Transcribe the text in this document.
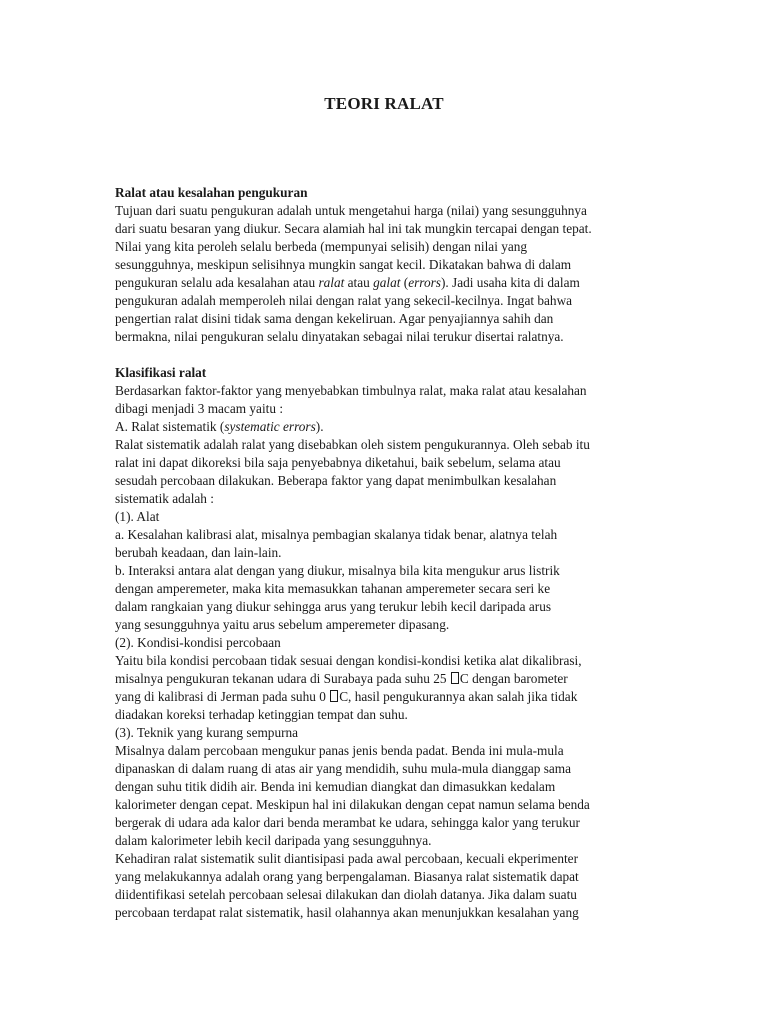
TEORI RALAT
Ralat atau kesalahan pengukuran
Tujuan dari suatu pengukuran adalah untuk mengetahui harga (nilai) yang sesungguhnya
dari suatu besaran yang diukur. Secara alamiah hal ini tak mungkin tercapai dengan tepat.
Nilai yang kita peroleh selalu berbeda (mempunyai selisih) dengan nilai yang
sesungguhnya, meskipun selisihnya mungkin sangat kecil. Dikatakan bahwa di dalam
pengukuran selalu ada kesalahan atau ralat atau galat (errors). Jadi usaha kita di dalam
pengukuran adalah memperoleh nilai dengan ralat yang sekecil-kecilnya. Ingat bahwa
pengertian ralat disini tidak sama dengan kekeliruan. Agar penyajiannya sahih dan
bermakna, nilai pengukuran selalu dinyatakan sebagai nilai terukur disertai ralatnya.
Klasifikasi ralat
Berdasarkan faktor-faktor yang menyebabkan timbulnya ralat, maka ralat atau kesalahan
dibagi menjadi 3 macam yaitu :
A. Ralat sistematik (systematic errors).
Ralat sistematik adalah ralat yang disebabkan oleh sistem pengukurannya. Oleh sebab itu
ralat ini dapat dikoreksi bila saja penyebabnya diketahui, baik sebelum, selama atau
sesudah percobaan dilakukan. Beberapa faktor yang dapat menimbulkan kesalahan
sistematik adalah :
(1). Alat
a. Kesalahan kalibrasi alat, misalnya pembagian skalanya tidak benar, alatnya telah
berubah keadaan, dan lain-lain.
b. Interaksi antara alat dengan yang diukur, misalnya bila kita mengukur arus listrik
dengan amperemeter, maka kita memasukkan tahanan amperemeter secara seri ke
dalam rangkaian yang diukur sehingga arus yang terukur lebih kecil daripada arus
yang sesungguhnya yaitu arus sebelum amperemeter dipasang.
(2). Kondisi-kondisi percobaan
Yaitu bila kondisi percobaan tidak sesuai dengan kondisi-kondisi ketika alat dikalibrasi,
misalnya pengukuran tekanan udara di Surabaya pada suhu 25 C dengan barometer
yang di kalibrasi di Jerman pada suhu 0 C, hasil pengukurannya akan salah jika tidak
diadakan koreksi terhadap ketinggian tempat dan suhu.
(3). Teknik yang kurang sempurna
Misalnya dalam percobaan mengukur panas jenis benda padat. Benda ini mula-mula
dipanaskan di dalam ruang di atas air yang mendidih, suhu mula-mula dianggap sama
dengan suhu titik didih air. Benda ini kemudian diangkat dan dimasukkan kedalam
kalorimeter dengan cepat. Meskipun hal ini dilakukan dengan cepat namun selama benda
bergerak di udara ada kalor dari benda merambat ke udara, sehingga kalor yang terukur
dalam kalorimeter lebih kecil daripada yang sesungguhnya.
Kehadiran ralat sistematik sulit diantisipasi pada awal percobaan, kecuali ekperimenter
yang melakukannya adalah orang yang berpengalaman. Biasanya ralat sistematik dapat
diidentifikasi setelah percobaan selesai dilakukan dan diolah datanya. Jika dalam suatu
percobaan terdapat ralat sistematik, hasil olahannya akan menunjukkan kesalahan yang
